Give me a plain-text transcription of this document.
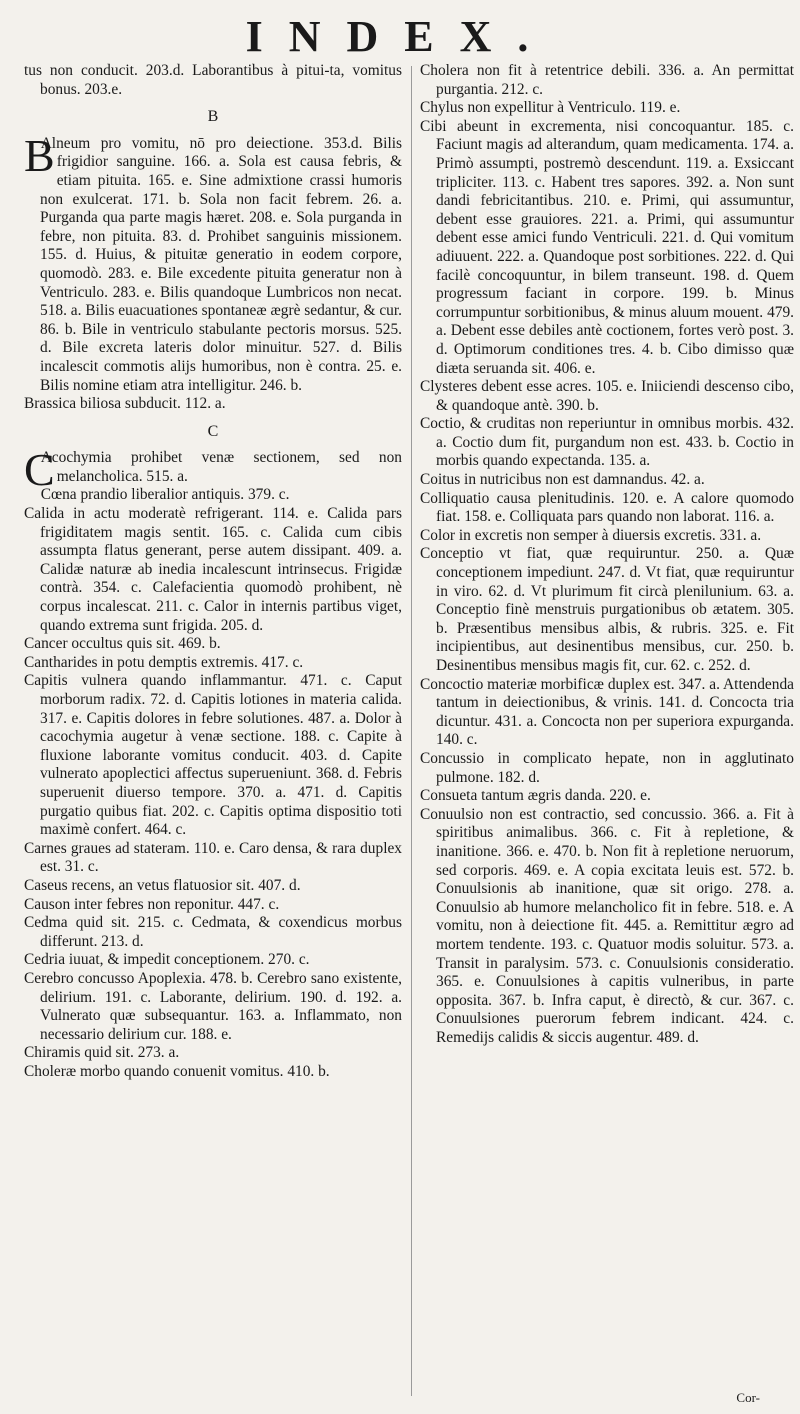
INDEX.

tus non conducit. 203.d. Laborantibus à pitui-ta, vomitus bonus. 203.e.

B

B
Alneum pro vomitu, nō pro deiectione. 353.d. Bilis frigidior sanguine. 166. a. Sola est causa febris, & etiam pituita. 165. e. Sine admixtione crassi humoris non exulcerat. 171. b. Sola non facit febrem. 26. a. Purganda qua parte magis hæret. 208. e. Sola purganda in febre, non pituita. 83. d. Prohibet sanguinis missionem. 155. d. Huius, & pituitæ generatio in eodem corpore, quomodò. 283. e. Bile excedente pituita generatur non à Ventriculo. 283. e. Bilis quandoque Lumbricos non necat. 518. a. Bilis euacuationes spontaneæ ægrè sedantur, & cur. 86. b. Bile in ventriculo stabulante pectoris morsus. 525. d. Bile excreta lateris dolor minuitur. 527. d. Bilis incalescit commotis alijs humoribus, non è contra. 25. e. Bilis nomine etiam atra intelligitur. 246. b.

Brassica biliosa subducit. 112. a.

C

C
Acochymia prohibet venæ sectionem, sed non melancholica. 515. a.

Cœna prandio liberalior antiquis. 379. c.

Calida in actu moderatè refrigerant. 114. e. Calida pars frigiditatem magis sentit. 165. c. Calida cum cibis assumpta flatus generant, perse autem dissipant. 409. a. Calidæ naturæ ab inedia incalescunt intrinsecus. Frigidæ contrà. 354. c. Calefacientia quomodò prohibent, nè corpus incalescat. 211. c. Calor in internis partibus viget, quando extrema sunt frigida. 205. d.

Cancer occultus quis sit. 469. b.

Cantharides in potu demptis extremis. 417. c.

Capitis vulnera quando inflammantur. 471. c. Caput morborum radix. 72. d. Capitis lotiones in materia calida. 317. e. Capitis dolores in febre solutiones. 487. a. Dolor à cacochymia augetur à venæ sectione. 188. c. Capite à fluxione laborante vomitus conducit. 403. d. Capite vulnerato apoplectici affectus superueniunt. 368. d. Febris superuenit diuerso tempore. 370. a. 471. d. Capitis purgatio quibus fiat. 202. c. Capitis optima dispositio toti maximè confert. 464. c.

Carnes graues ad stateram. 110. e. Caro densa, & rara duplex est. 31. c.

Caseus recens, an vetus flatuosior sit. 407. d.

Causon inter febres non reponitur. 447. c.

Cedma quid sit. 215. c. Cedmata, & coxendicus morbus differunt. 213. d.

Cedria iuuat, & impedit conceptionem. 270. c.

Cerebro concusso Apoplexia. 478. b. Cerebro sano existente, delirium. 191. c. Laborante, delirium. 190. d. 192. a. Vulnerato quæ subsequantur. 163. a. Inflammato, non necessario delirium cur. 188. e.

Chiramis quid sit. 273. a.

Choleræ morbo quando conuenit vomitus. 410. b.

Cholera non fit à retentrice debili. 336. a. An permittat purgantia. 212. c.

Chylus non expellitur à Ventriculo. 119. e.

Cibi abeunt in excrementa, nisi concoquantur. 185. c. Faciunt magis ad alterandum, quam medicamenta. 174. a. Primò assumpti, postremò descendunt. 119. a. Exsiccant tripliciter. 113. c. Habent tres sapores. 392. a. Non sunt dandi febricitantibus. 210. e. Primi, qui assumuntur, debent esse grauiores. 221. a. Primi, qui assumuntur debent esse amici fundo Ventriculi. 221. d. Qui vomitum adiuuent. 222. a. Quandoque post sorbitiones. 222. d. Qui facilè concoquuntur, in bilem transeunt. 198. d. Quem progressum faciant in corpore. 199. b. Minus corrumpuntur sorbitionibus, & minus aluum mouent. 479. a. Debent esse debiles antè coctionem, fortes verò post. 3. d. Optimorum conditiones tres. 4. b. Cibo dimisso quæ diæta seruanda sit. 406. e.

Clysteres debent esse acres. 105. e. Iniiciendi descenso cibo, & quandoque antè. 390. b.

Coctio, & cruditas non reperiuntur in omnibus morbis. 432. a. Coctio dum fit, purgandum non est. 433. b. Coctio in morbis quando expectanda. 135. a.

Coitus in nutricibus non est damnandus. 42. a.

Colliquatio causa plenitudinis. 120. e. A calore quomodo fiat. 158. e. Colliquata pars quando non laborat. 116. a.

Color in excretis non semper à diuersis excretis. 331. a.

Conceptio vt fiat, quæ requiruntur. 250. a. Quæ conceptionem impediunt. 247. d. Vt fiat, quæ requiruntur in viro. 62. d. Vt plurimum fit circà plenilunium. 63. a. Conceptio finè menstruis purgationibus ob ætatem. 305. b. Præsentibus mensibus albis, & rubris. 325. e. Fit incipientibus, aut desinentibus mensibus, cur. 250. b. Desinentibus mensibus magis fit, cur. 62. c. 252. d.

Concoctio materiæ morbificæ duplex est. 347. a. Attendenda tantum in deiectionibus, & vrinis. 141. d. Concocta tria dicuntur. 431. a. Concocta non per superiora expurganda. 140. c.

Concussio in complicato hepate, non in agglutinato pulmone. 182. d.

Consueta tantum ægris danda. 220. e.

Conuulsio non est contractio, sed concussio. 366. a. Fit à spiritibus animalibus. 366. c. Fit à repletione, & inanitione. 366. e. 470. b. Non fit à repletione neruorum, sed corporis. 469. e. A copia excitata leuis est. 572. b. Conuulsionis ab inanitione, quæ sit origo. 278. a. Conuulsio ab humore melancholico fit in febre. 518. e. A vomitu, non à deiectione fit. 445. a. Remittitur ægro ad mortem tendente. 193. c. Quatuor modis soluitur. 573. a. Transit in paralysim. 573. c. Conuulsionis consideratio. 365. e. Conuulsiones à capitis vulneribus, in parte opposita. 367. b. Infra caput, è directò, & cur. 367. c. Conuulsiones puerorum febrem indicant. 424. c. Remedijs calidis & siccis augentur. 489. d.

Cor-
